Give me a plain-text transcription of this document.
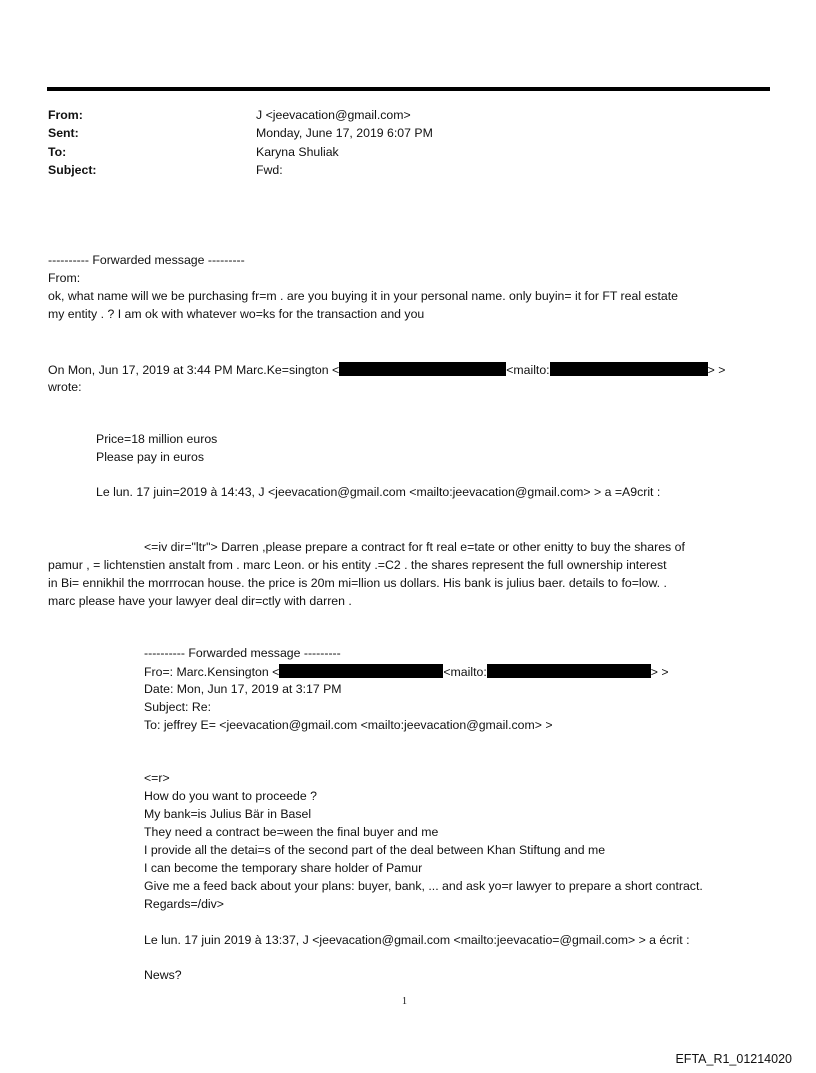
From:	J <jeevacation@gmail.com>
Sent:	Monday, June 17, 2019 6:07 PM
To:	Karyna Shuliak
Subject:	Fwd:
---------- Forwarded message ---------
From:
ok, what name will we be purchasing fr=m . are you buying it in your personal name. only buyin= it for FT real estate
my entity . ? I am ok with whatever wo=ks for the transaction and you
On Mon, Jun 17, 2019 at 3:44 PM Marc.Ke=sington <	<mailto:	> >
wrote:
Price=18 million euros
Please pay in euros
Le lun. 17 juin=2019 à 14:43, J <jeevacation@gmail.com <mailto:jeevacation@gmail.com> > a =A9crit :
<=iv dir="ltr"> Darren ,please prepare a contract for ft real e=tate or other enitty to buy the shares of
pamur , = lichtenstien anstalt from . marc Leon. or his entity .=C2 . the shares represent the full ownership interest
in Bi= ennikhil the morrrocan house. the price is 20m mi=llion us dollars. His bank is julius baer. details to fo=low. .
marc please have your lawyer deal dir=ctly with darren .
---------- Forwarded message ---------
Fro=: Marc.Kensington <	<mailto:	> >
Date: Mon, Jun 17, 2019 at 3:17 PM
Subject: Re:
To: jeffrey E= <jeevacation@gmail.com <mailto:jeevacation@gmail.com> >
<=r>
How do you want to proceede ?
My bank=is Julius Bär in Basel
They need a contract be=ween the final buyer and me
I provide all the detai=s of the second part of the deal between Khan Stiftung and me
I can become the temporary share holder of Pamur
Give me a feed back about your plans: buyer, bank, ... and ask yo=r lawyer to prepare a short contract.
Regards=/div>
Le lun. 17 juin 2019 à 13:37, J <jeevacation@gmail.com <mailto:jeevacatio=@gmail.com> > a écrit :
News?
1
EFTA_R1_01214020
